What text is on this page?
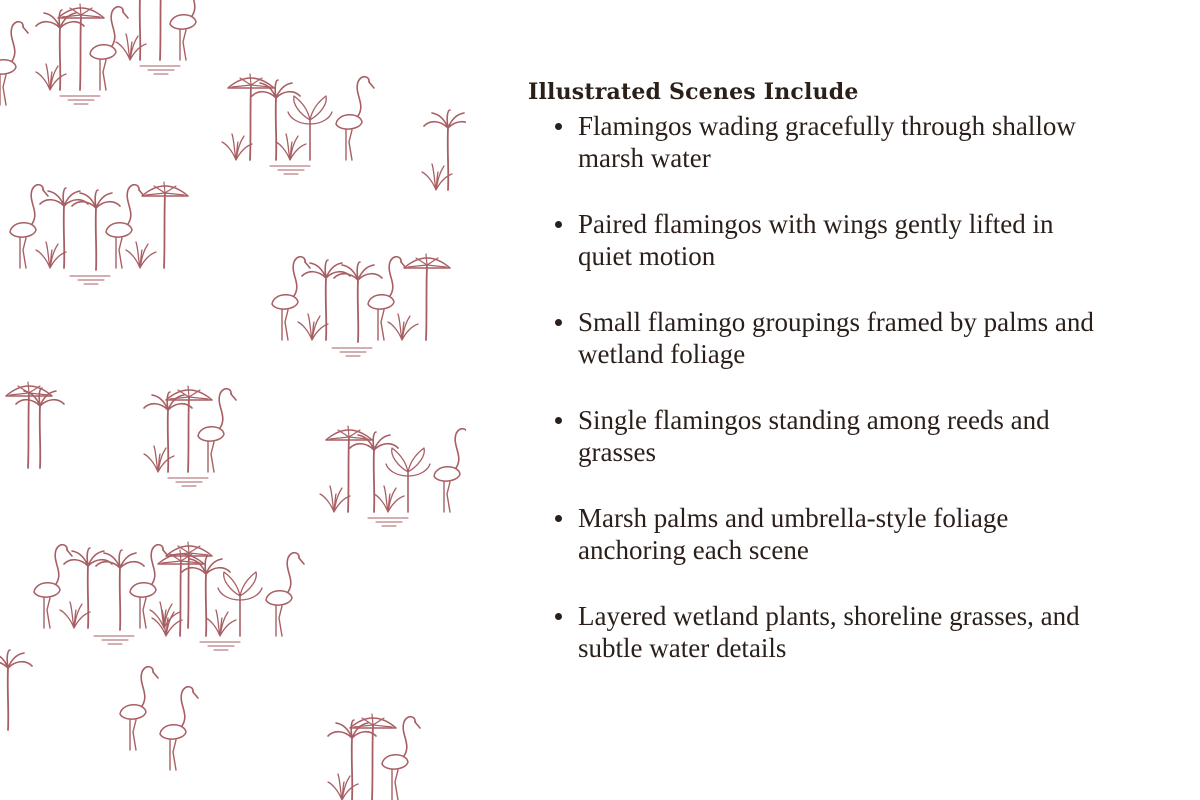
Illustrated Scenes Include
Flamingos wading gracefully through shallow marsh water
Paired flamingos with wings gently lifted in quiet motion
Small flamingo groupings framed by palms and wetland foliage
Single flamingos standing among reeds and grasses
Marsh palms and umbrella-style foliage anchoring each scene
Layered wetland plants, shoreline grasses, and subtle water details
